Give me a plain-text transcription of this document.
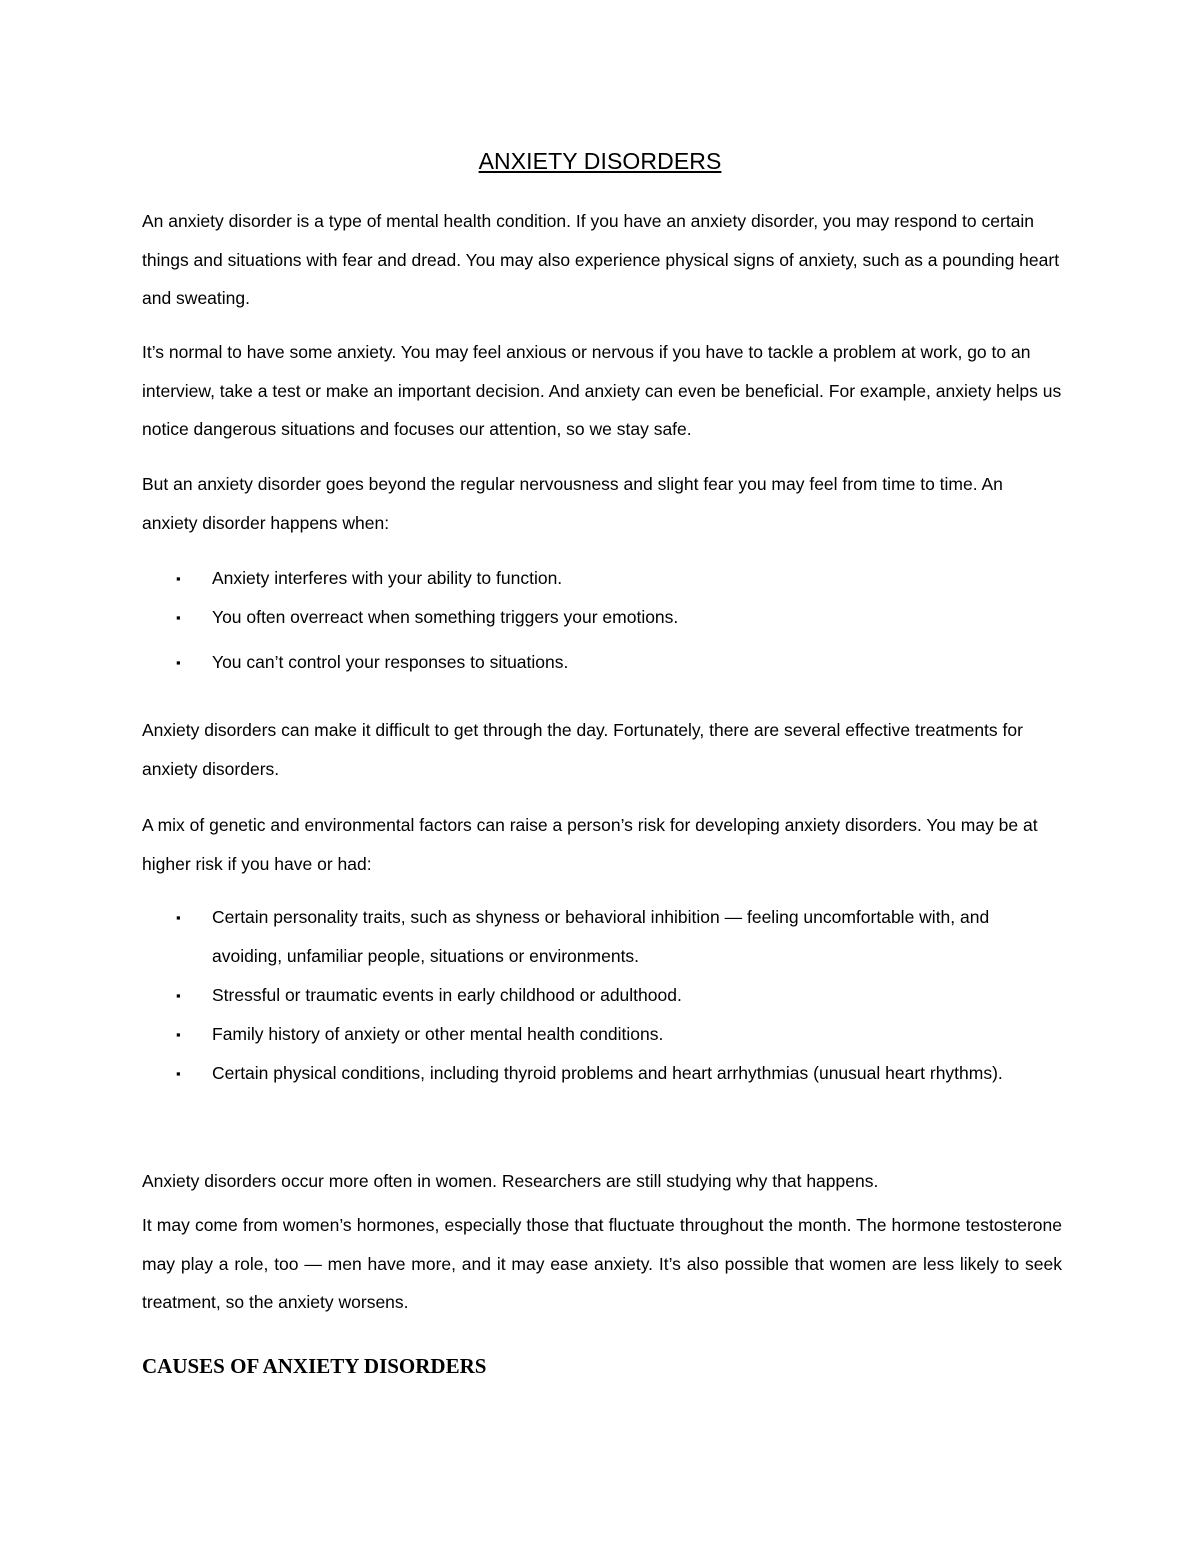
ANXIETY DISORDERS

An anxiety disorder is a type of mental health condition. If you have an anxiety disorder, you may respond to certain things and situations with fear and dread. You may also experience physical signs of anxiety, such as a pounding heart and sweating.

It’s normal to have some anxiety. You may feel anxious or nervous if you have to tackle a problem at work, go to an interview, take a test or make an important decision. And anxiety can even be beneficial. For example, anxiety helps us notice dangerous situations and focuses our attention, so we stay safe.

But an anxiety disorder goes beyond the regular nervousness and slight fear you may feel from time to time. An anxiety disorder happens when:

▪ Anxiety interferes with your ability to function.
▪ You often overreact when something triggers your emotions.
▪ You can’t control your responses to situations.

Anxiety disorders can make it difficult to get through the day. Fortunately, there are several effective treatments for anxiety disorders.

A mix of genetic and environmental factors can raise a person’s risk for developing anxiety disorders. You may be at higher risk if you have or had:

▪ Certain personality traits, such as shyness or behavioral inhibition — feeling uncomfortable with, and avoiding, unfamiliar people, situations or environments.
▪ Stressful or traumatic events in early childhood or adulthood.
▪ Family history of anxiety or other mental health conditions.
▪ Certain physical conditions, including thyroid problems and heart arrhythmias (unusual heart rhythms).

Anxiety disorders occur more often in women. Researchers are still studying why that happens.

It may come from women’s hormones, especially those that fluctuate throughout the month. The hormone testosterone may play a role, too — men have more, and it may ease anxiety. It’s also possible that women are less likely to seek treatment, so the anxiety worsens.

CAUSES OF ANXIETY DISORDERS
